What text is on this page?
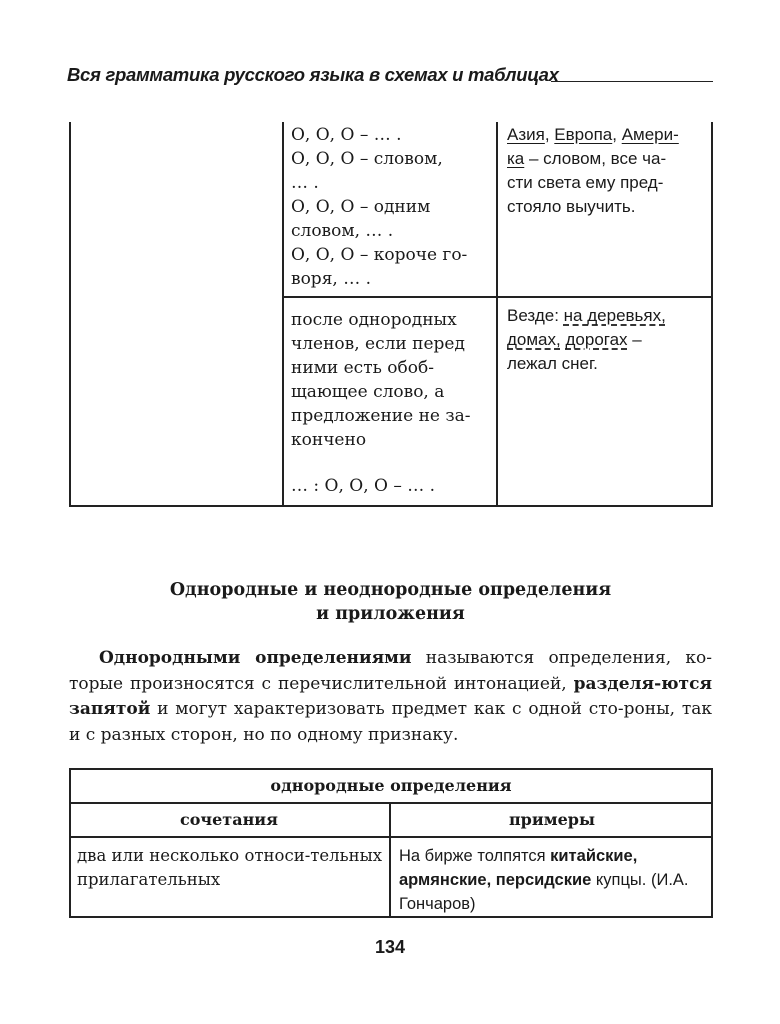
Вся грамматика русского языка в схемах и таблицах
О, О, О – … .
О, О, О – словом,
… .
О, О, О – одним
словом, … .
О, О, О – короче го-
воря, … .
Азия, Европа, Амери-
ка – словом, все ча-
сти света ему пред-
стояло выучить.
после однородных
членов, если перед
ними есть обоб-
щающее слово, а
предложение не за-
кончено
… : О, О, О – … .
Везде: на деревьях,
домах, дорогах –
лежал снег.
Однородные и неоднородные определения
и приложения
Однородными определениями называются определения, ко-торые произносятся с перечислительной интонацией, разделя-ются запятой и могут характеризовать предмет как с одной сто-роны, так и с разных сторон, но по одному признаку.
однородные определения
сочетания	примеры
два или несколько относи-тельных прилагательных
На бирже толпятся китайские, армянские, персидские купцы. (И.А. Гончаров)
134
